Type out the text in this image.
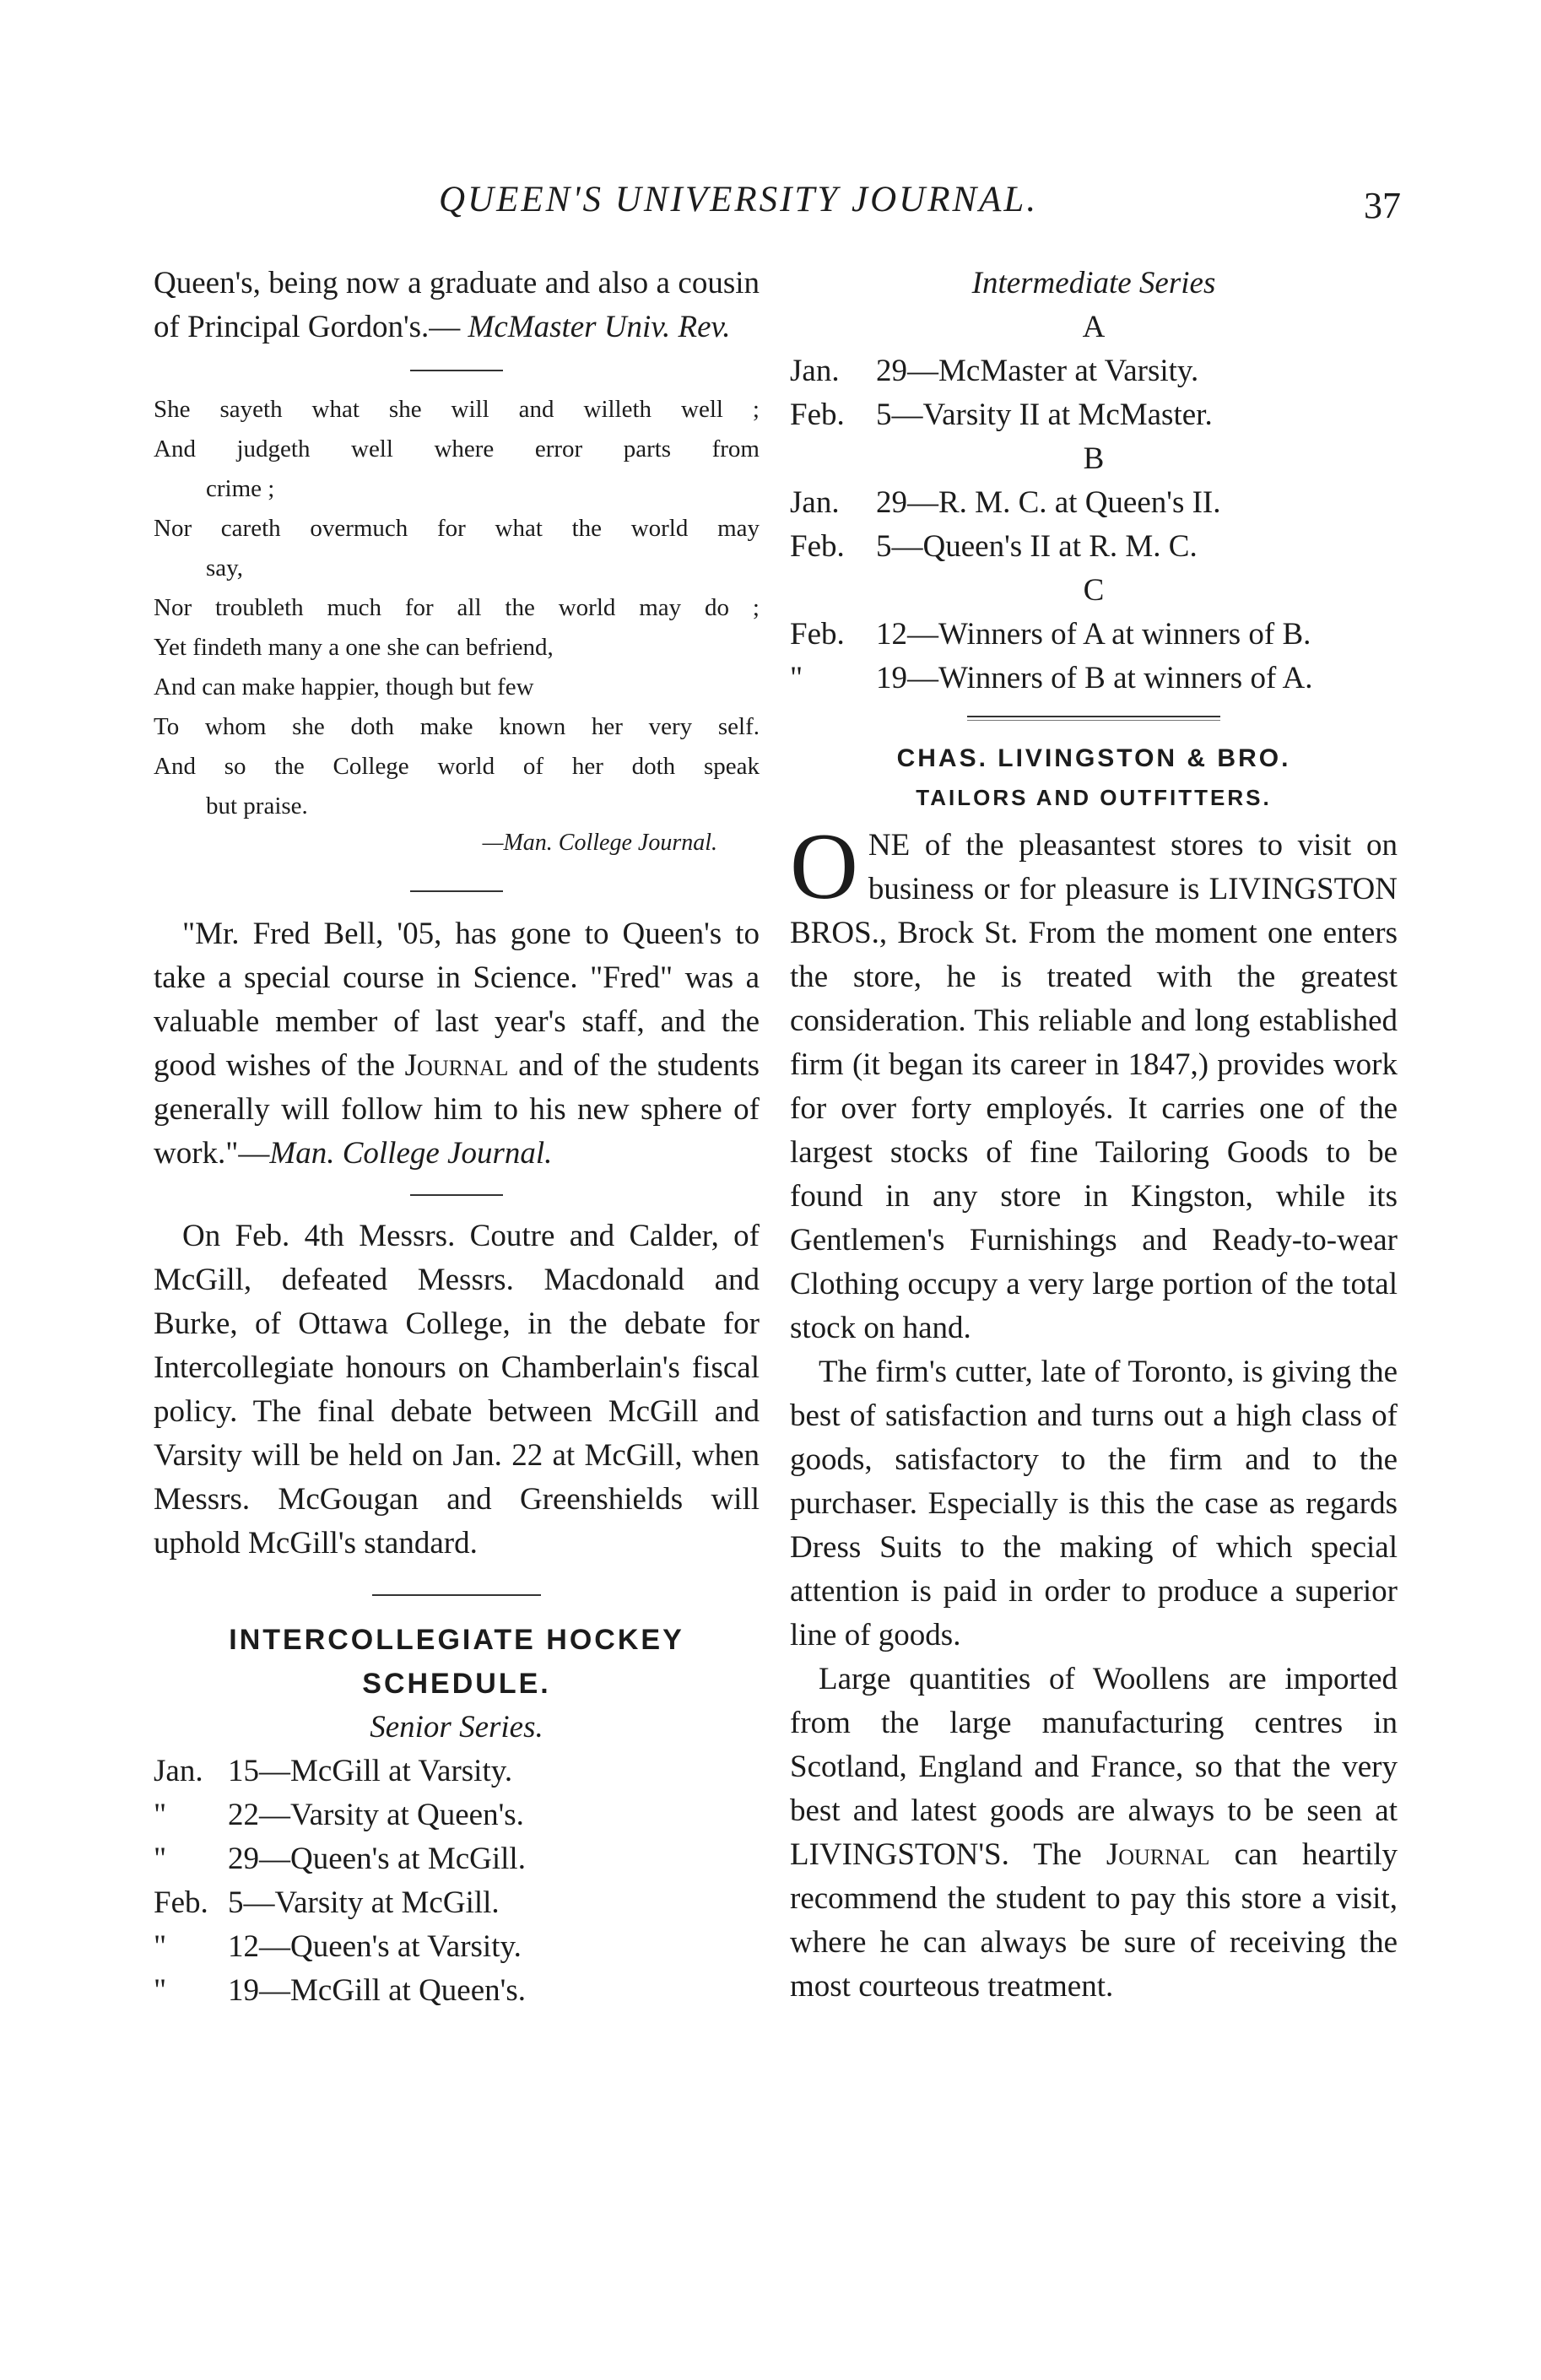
QUEEN'S UNIVERSITY JOURNAL.	37

Queen's, being now a graduate and also a cousin of Principal Gordon's.— McMaster Univ. Rev.

She sayeth what she will and willeth well ;
And judgeth well where error parts from
crime ;
Nor careth overmuch for what the world may
say,
Nor troubleth much for all the world may do ;
Yet findeth many a one she can befriend,
And can make happier, though but few
To whom she doth make known her very self.
And so the College world of her doth speak
but praise.

—Man. College Journal.

"Mr. Fred Bell, '05, has gone to Queen's to take a special course in Science. "Fred" was a valuable member of last year's staff, and the good wishes of the Journal and of the students generally will follow him to his new sphere of work."—Man. College Journal.

On Feb. 4th Messrs. Coutre and Calder, of McGill, defeated Messrs. Macdonald and Burke, of Ottawa College, in the debate for Intercollegiate honours on Chamberlain's fiscal policy. The final debate between McGill and Varsity will be held on Jan. 22 at McGill, when Messrs. McGougan and Greenshields will uphold McGill's standard.

INTERCOLLEGIATE HOCKEY

SCHEDULE.

Senior Series.

Jan. 15—McGill at Varsity.
"	22—Varsity at Queen's.
"	29—Queen's at McGill.
Feb. 5—Varsity at McGill.
"	12—Queen's at Varsity.
"	19—McGill at Queen's.

Intermediate Series

A

Jan.	29—McMaster at Varsity.
Feb.	5—Varsity II at McMaster.

B

Jan.	29—R. M. C. at Queen's II.
Feb.	5—Queen's II at R. M. C.

C

Feb.	12—Winners of A at winners of B.
"	19—Winners of B at winners of A.

CHAS. LIVINGSTON & BRO.

TAILORS AND OUTFITTERS.

ONE of the pleasantest stores to visit on business or for pleasure is LIVINGSTON BROS., Brock St. From the moment one enters the store, he is treated with the greatest consideration. This reliable and long established firm (it began its career in 1847,) provides work for over forty employés. It carries one of the largest stocks of fine Tailoring Goods to be found in any store in Kingston, while its Gentlemen's Furnishings and Ready-to-wear Clothing occupy a very large portion of the total stock on hand.

The firm's cutter, late of Toronto, is giving the best of satisfaction and turns out a high class of goods, satisfactory to the firm and to the purchaser. Especially is this the case as regards Dress Suits to the making of which special attention is paid in order to produce a superior line of goods.

Large quantities of Woollens are imported from the large manufacturing centres in Scotland, England and France, so that the very best and latest goods are always to be seen at LIVINGSTON'S. The Journal can heartily recommend the student to pay this store a visit, where he can always be sure of receiving the most courteous treatment.
